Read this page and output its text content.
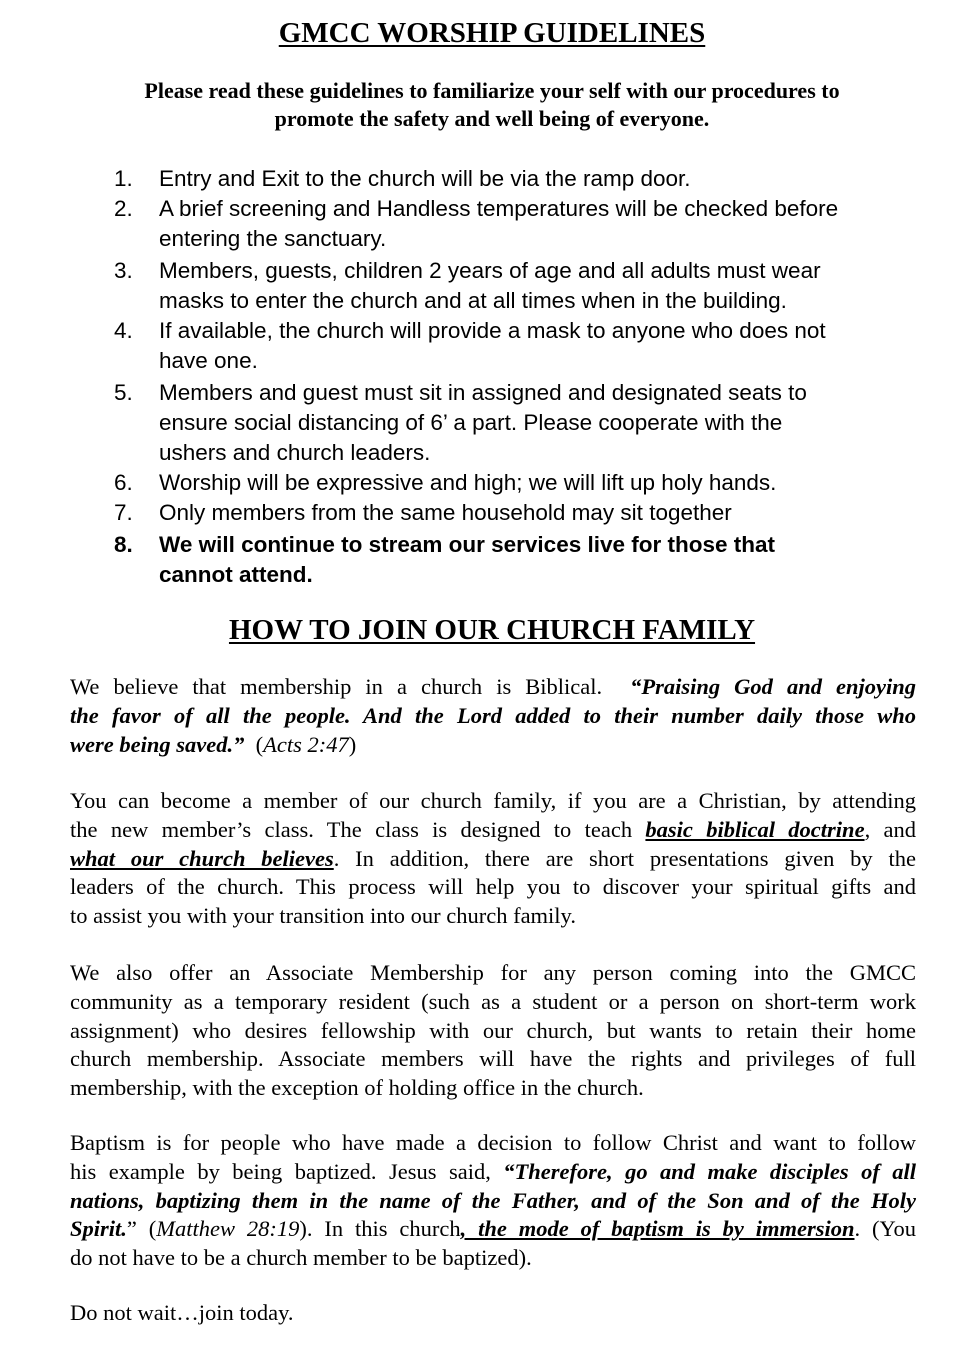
GMCC WORSHIP GUIDELINES
Please read these guidelines to familiarize your self with our procedures to
promote the safety and well being of everyone.
1. Entry and Exit to the church will be via the ramp door.
2. A brief screening and Handless temperatures will be checked before
entering the sanctuary.
3. Members, guests, children 2 years of age and all adults must wear
masks to enter the church and at all times when in the building.
4. If available, the church will provide a mask to anyone who does not
have one.
5. Members and guest must sit in assigned and designated seats to
ensure social distancing of 6’ a part. Please cooperate with the
ushers and church leaders.
6. Worship will be expressive and high; we will lift up holy hands.
7. Only members from the same household may sit together
8. We will continue to stream our services live for those that
cannot attend.
HOW TO JOIN OUR CHURCH FAMILY
We believe that membership in a church is Biblical. “Praising God and enjoying
the favor of all the people. And the Lord added to their number daily those who
were being saved.” (Acts 2:47)
You can become a member of our church family, if you are a Christian, by attending
the new member’s class. The class is designed to teach basic biblical doctrine, and
what our church believes. In addition, there are short presentations given by the
leaders of the church. This process will help you to discover your spiritual gifts and
to assist you with your transition into our church family.
We also offer an Associate Membership for any person coming into the GMCC
community as a temporary resident (such as a student or a person on short-term work
assignment) who desires fellowship with our church, but wants to retain their home
church membership. Associate members will have the rights and privileges of full
membership, with the exception of holding office in the church.
Baptism is for people who have made a decision to follow Christ and want to follow
his example by being baptized. Jesus said, “Therefore, go and make disciples of all
nations, baptizing them in the name of the Father, and of the Son and of the Holy
Spirit.” (Matthew 28:19). In this church, the mode of baptism is by immersion. (You
do not have to be a church member to be baptized).
Do not wait…join today.
